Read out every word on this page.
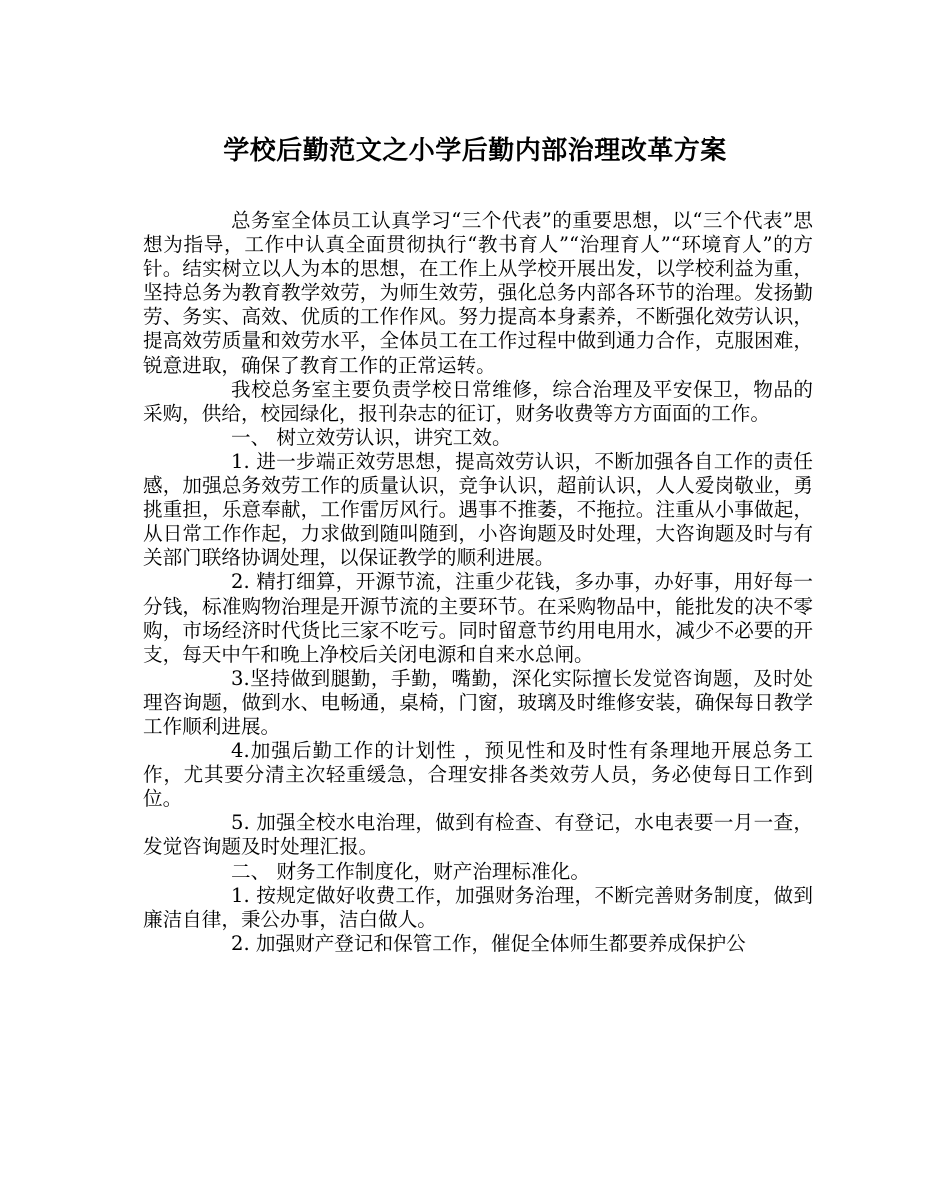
学校后勤范文之小学后勤内部治理改革方案

总务室全体员工认真学习“三个代表”的重要思想，以“三个代表”思想为指导，工作中认真全面贯彻执行“教书育人”“治理育人”“环境育人”的方针。结实树立以人为本的思想，在工作上从学校开展出发，以学校利益为重，坚持总务为教育教学效劳，为师生效劳，强化总务内部各环节的治理。发扬勤劳、务实、高效、优质的工作作风。努力提高本身素养，不断强化效劳认识，提高效劳质量和效劳水平，全体员工在工作过程中做到通力合作，克服困难，锐意进取，确保了教育工作的正常运转。

我校总务室主要负责学校日常维修，综合治理及平安保卫，物品的采购，供给，校园绿化，报刊杂志的征订，财务收费等方方面面的工作。

一、 树立效劳认识，讲究工效。

1. 进一步端正效劳思想，提高效劳认识，不断加强各自工作的责任感，加强总务效劳工作的质量认识，竞争认识，超前认识，人人爱岗敬业，勇挑重担，乐意奉献，工作雷厉风行。遇事不推萎，不拖拉。注重从小事做起，从日常工作作起，力求做到随叫随到，小咨询题及时处理，大咨询题及时与有关部门联络协调处理，以保证教学的顺利进展。

2. 精打细算，开源节流，注重少花钱，多办事，办好事，用好每一分钱，标准购物治理是开源节流的主要环节。在采购物品中，能批发的决不零购，市场经济时代货比三家不吃亏。同时留意节约用电用水，减少不必要的开支，每天中午和晚上净校后关闭电源和自来水总闸。

3.坚持做到腿勤，手勤，嘴勤，深化实际擅长发觉咨询题，及时处理咨询题，做到水、电畅通，桌椅，门窗，玻璃及时维修安装，确保每日教学工作顺利进展。

4.加强后勤工作的计划性 ，预见性和及时性有条理地开展总务工作，尤其要分清主次轻重缓急，合理安排各类效劳人员，务必使每日工作到位。

5. 加强全校水电治理，做到有检查、有登记，水电表要一月一查，发觉咨询题及时处理汇报。

二、 财务工作制度化，财产治理标准化。

1. 按规定做好收费工作，加强财务治理，不断完善财务制度，做到廉洁自律，秉公办事，洁白做人。

2. 加强财产登记和保管工作，催促全体师生都要养成保护公
